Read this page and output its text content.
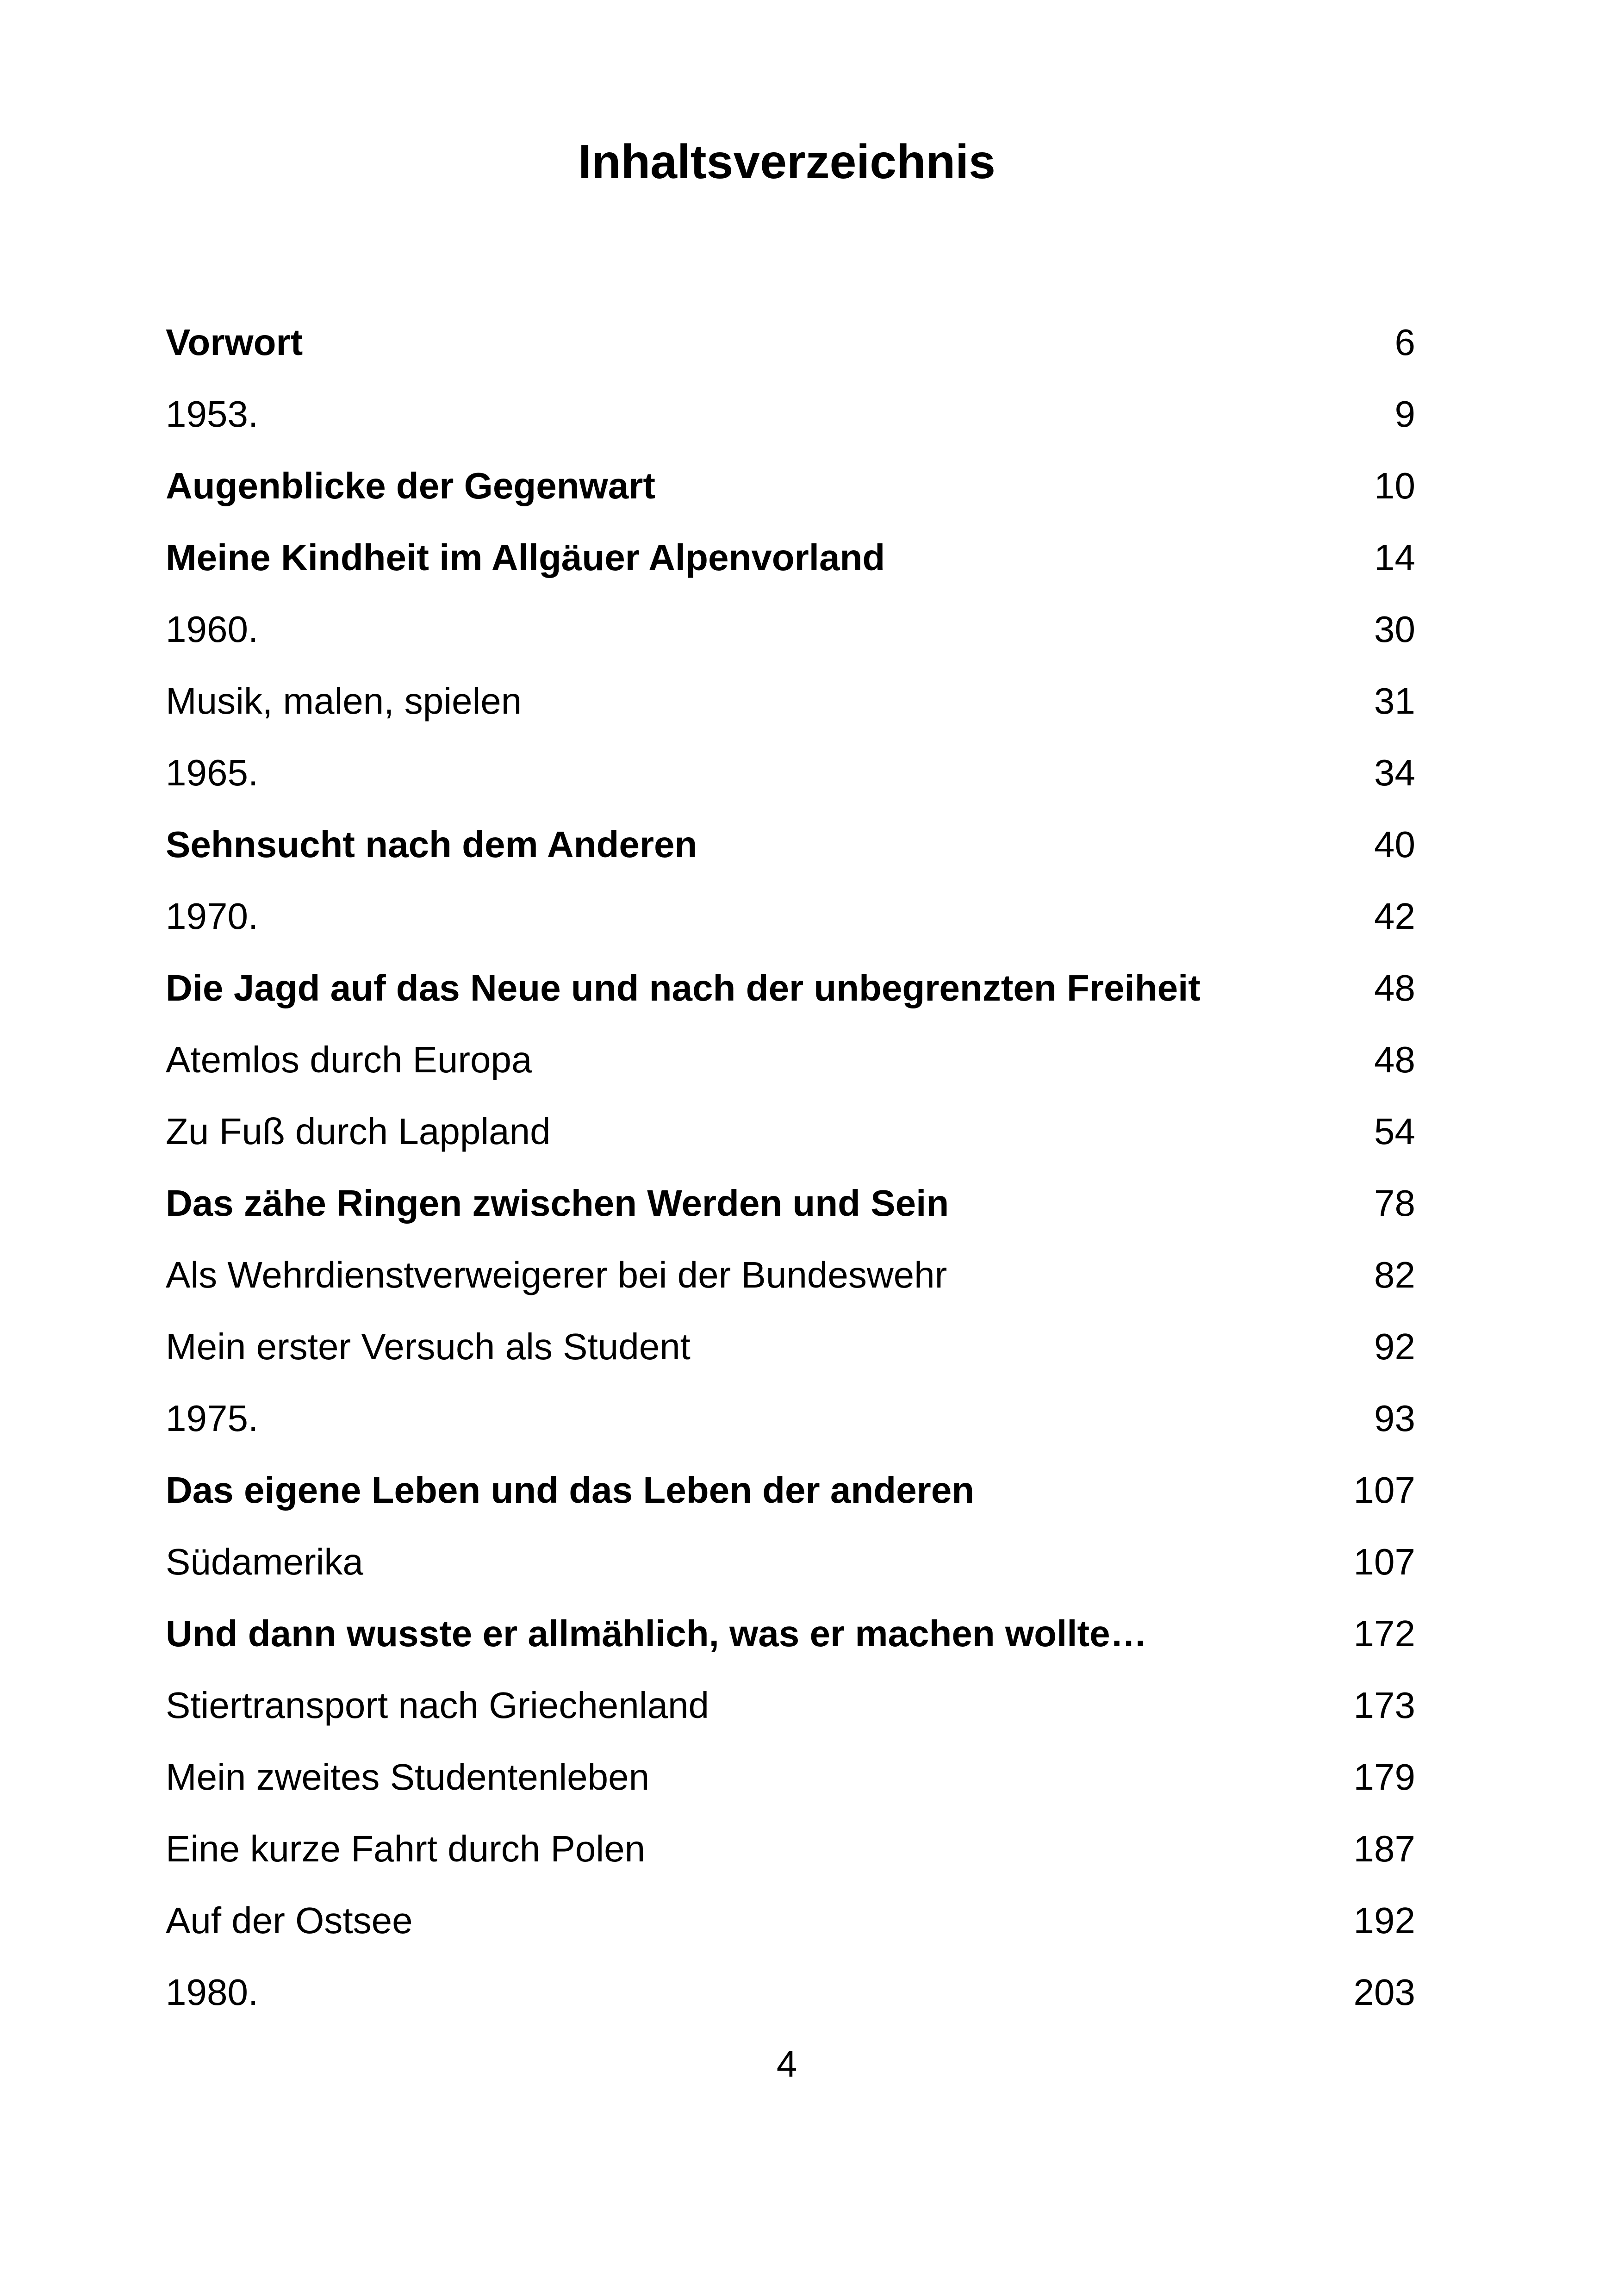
Inhaltsverzeichnis
Vorwort	6
1953.	9
Augenblicke der Gegenwart	10
Meine Kindheit im Allgäuer Alpenvorland	14
1960.	30
Musik, malen, spielen	31
1965.	34
Sehnsucht nach dem Anderen	40
1970.	42
Die Jagd auf das Neue und nach der unbegrenzten Freiheit	48
Atemlos durch Europa	48
Zu Fuß durch Lappland	54
Das zähe Ringen zwischen Werden und Sein	78
Als Wehrdienstverweigerer bei der Bundeswehr	82
Mein erster Versuch als Student	92
1975.	93
Das eigene Leben und das Leben der anderen	107
Südamerika	107
Und dann wusste er allmählich, was er machen wollte…	172
Stiertransport nach Griechenland	173
Mein zweites Studentenleben	179
Eine kurze Fahrt durch Polen	187
Auf der Ostsee	192
1980.	203
4
